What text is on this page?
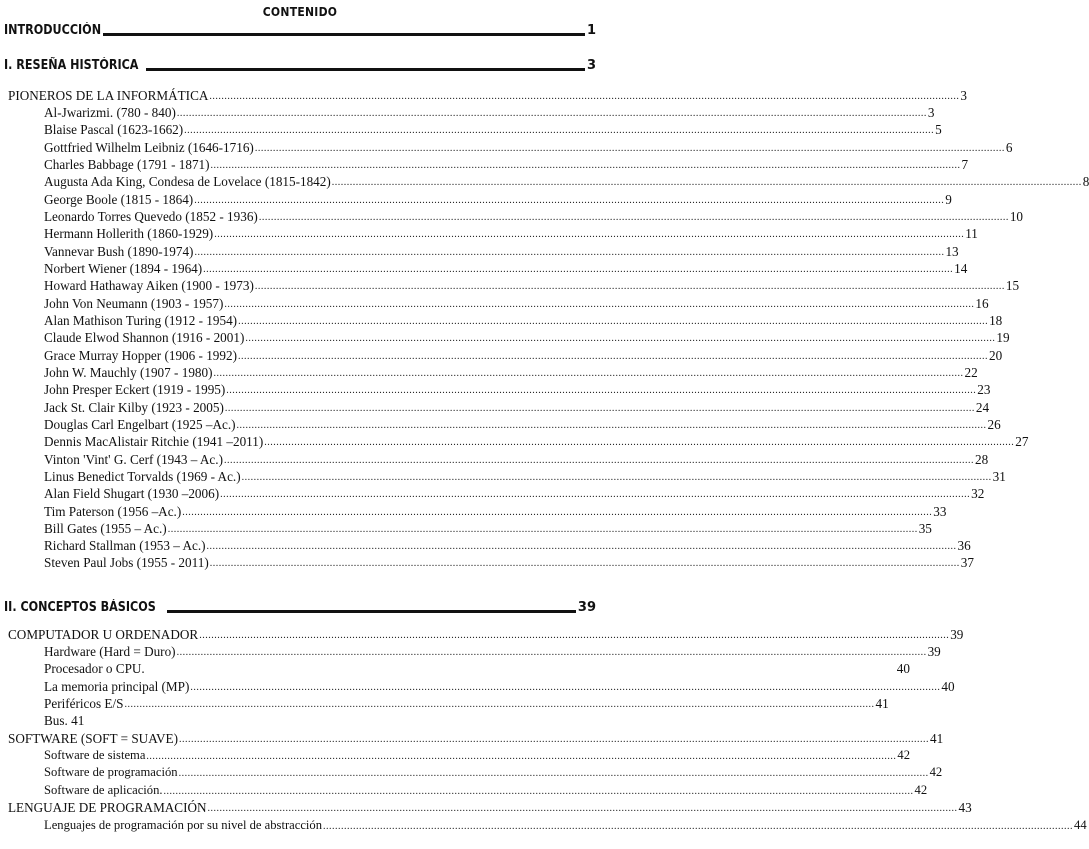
CONTENIDO
INTRODUCCIÓN	1
I. RESEÑA HISTÓRICA	3
II. CONCEPTOS BÁSICOS	39
PIONEROS DE LA INFORMÁTICA .......................................................................................................................................................................................................................................................... 3
Al-Jwarizmi. (780 - 840) .......................................................................................................................................................................................................................................................... 3
Blaise Pascal (1623-1662) .......................................................................................................................................................................................................................................................... 5
Gottfried Wilhelm Leibniz (1646-1716) .......................................................................................................................................................................................................................................................... 6
Charles Babbage (1791 - 1871) .......................................................................................................................................................................................................................................................... 7
Augusta Ada King, Condesa de Lovelace (1815-1842) .......................................................................................................................................................................................................................................................... 8
George Boole (1815 - 1864) .......................................................................................................................................................................................................................................................... 9
Leonardo Torres Quevedo (1852 - 1936) .......................................................................................................................................................................................................................................................... 10
Hermann Hollerith (1860-1929) .......................................................................................................................................................................................................................................................... 11
Vannevar Bush (1890-1974) .......................................................................................................................................................................................................................................................... 13
Norbert Wiener (1894 - 1964) .......................................................................................................................................................................................................................................................... 14
Howard Hathaway Aiken (1900 - 1973) .......................................................................................................................................................................................................................................................... 15
John Von Neumann (1903 - 1957) .......................................................................................................................................................................................................................................................... 16
Alan Mathison Turing (1912 - 1954) .......................................................................................................................................................................................................................................................... 18
Claude Elwod Shannon (1916 - 2001) .......................................................................................................................................................................................................................................................... 19
Grace Murray Hopper (1906 - 1992) .......................................................................................................................................................................................................................................................... 20
John W. Mauchly (1907 - 1980) .......................................................................................................................................................................................................................................................... 22
John Presper Eckert (1919 - 1995) .......................................................................................................................................................................................................................................................... 23
Jack St. Clair Kilby (1923 - 2005) .......................................................................................................................................................................................................................................................... 24
Douglas Carl Engelbart (1925 –Ac.) .......................................................................................................................................................................................................................................................... 26
Dennis MacAlistair Ritchie (1941 –2011) .......................................................................................................................................................................................................................................................... 27
Vinton 'Vint' G. Cerf (1943 – Ac.) .......................................................................................................................................................................................................................................................... 28
Linus Benedict Torvalds (1969 - Ac.) .......................................................................................................................................................................................................................................................... 31
Alan Field Shugart (1930 –2006) .......................................................................................................................................................................................................................................................... 32
Tim Paterson (1956 –Ac.) .......................................................................................................................................................................................................................................................... 33
Bill Gates (1955 – Ac.) .......................................................................................................................................................................................................................................................... 35
Richard Stallman (1953 – Ac.) .......................................................................................................................................................................................................................................................... 36
Steven Paul Jobs (1955 - 2011) .......................................................................................................................................................................................................................................................... 37
COMPUTADOR U ORDENADOR .......................................................................................................................................................................................................................................................... 39
Hardware (Hard = Duro) .......................................................................................................................................................................................................................................................... 39
Procesador o CPU.	40
La memoria principal (MP) .......................................................................................................................................................................................................................................................... 40
Periféricos E/S .......................................................................................................................................................................................................................................................... 41
Bus. 41
SOFTWARE (SOFT = SUAVE) .......................................................................................................................................................................................................................................................... 41
Software de sistema .......................................................................................................................................................................................................................................................... 42
Software de programación .......................................................................................................................................................................................................................................................... 42
Software de aplicación. .......................................................................................................................................................................................................................................................... 42
LENGUAJE DE PROGRAMACIÓN .......................................................................................................................................................................................................................................................... 43
Lenguajes de programación por su nivel de abstracción .......................................................................................................................................................................................................................................................... 44
